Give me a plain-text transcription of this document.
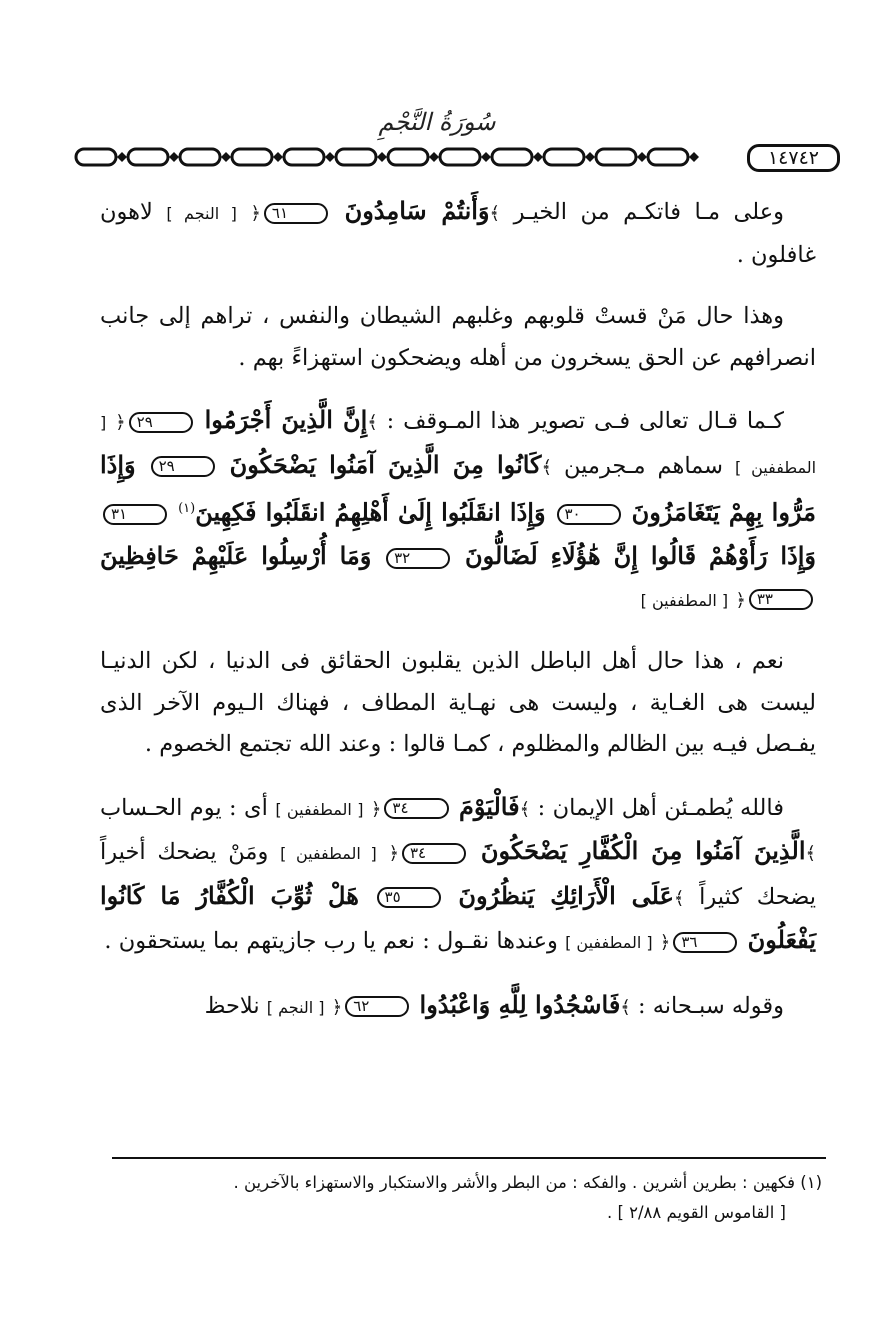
سُورَةُ النَّجْمِ
١٤٧٤٢

وعلى مـا فاتكـم من الخيـر ﴾وَأَنتُمْ سَامِدُونَ ٦١﴿ [ النجم ] لاهون غافلون .

وهذا حال مَنْ قستْ قلوبهم وغلبهم الشيطان والنفس ، تراهم إلى جانب انصرافهم عن الحق يسخرون من أهله ويضحكون استهزاءً بهم .

كـما قـال تعالى فـى تصوير هذا المـوقف : ﴾إِنَّ الَّذِينَ أَجْرَمُوا ٢٩﴿ [ المطففين ] سماهم مـجرمين ﴾كَانُوا مِنَ الَّذِينَ آمَنُوا يَضْحَكُونَ ٢٩ وَإِذَا مَرُّوا بِهِمْ يَتَغَامَزُونَ ٣٠ وَإِذَا انقَلَبُوا إِلَىٰ أَهْلِهِمُ انقَلَبُوا فَكِهِينَ$^{(١)}$ ٣١ وَإِذَا رَأَوْهُمْ قَالُوا إِنَّ هَٰؤُلَاءِ لَضَالُّونَ ٣٢ وَمَا أُرْسِلُوا عَلَيْهِمْ حَافِظِينَ ٣٣﴿ [ المطففين ]

نعم ، هذا حال أهل الباطل الذين يقلبون الحقائق فى الدنيا ، لكن الدنيـا ليست هى الغـاية ، وليست هى نهـاية المطاف ، فهناك الـيوم الآخر الذى يفـصل فيـه بين الظالم والمظلوم ، كمـا قالوا : وعند الله تجتمع الخصوم .

فالله يُطمـئن أهل الإيمان : ﴾فَالْيَوْمَ ٣٤﴿ [ المطففين ] أى : يوم الحـساب ﴾الَّذِينَ آمَنُوا مِنَ الْكُفَّارِ يَضْحَكُونَ ٣٤﴿ [ المطففين ] ومَنْ يضحك أخيراً يضحك كثيراً ﴾عَلَى الْأَرَائِكِ يَنظُرُونَ ٣٥ هَلْ ثُوِّبَ الْكُفَّارُ مَا كَانُوا يَفْعَلُونَ ٣٦﴿ [ المطففين ] وعندها نقـول : نعم يا رب جازيتهم بما يستحقون .

وقوله سبـحانه : ﴾فَاسْجُدُوا لِلَّهِ وَاعْبُدُوا ٦٢﴿ [ النجم ] نلاحظ

(١) فكهين : بطرين أشرين . والفكه : من البطر والأشر والاستكبار والاستهزاء بالآخرين .
[ القاموس القويم ٢/٨٨ ] .
